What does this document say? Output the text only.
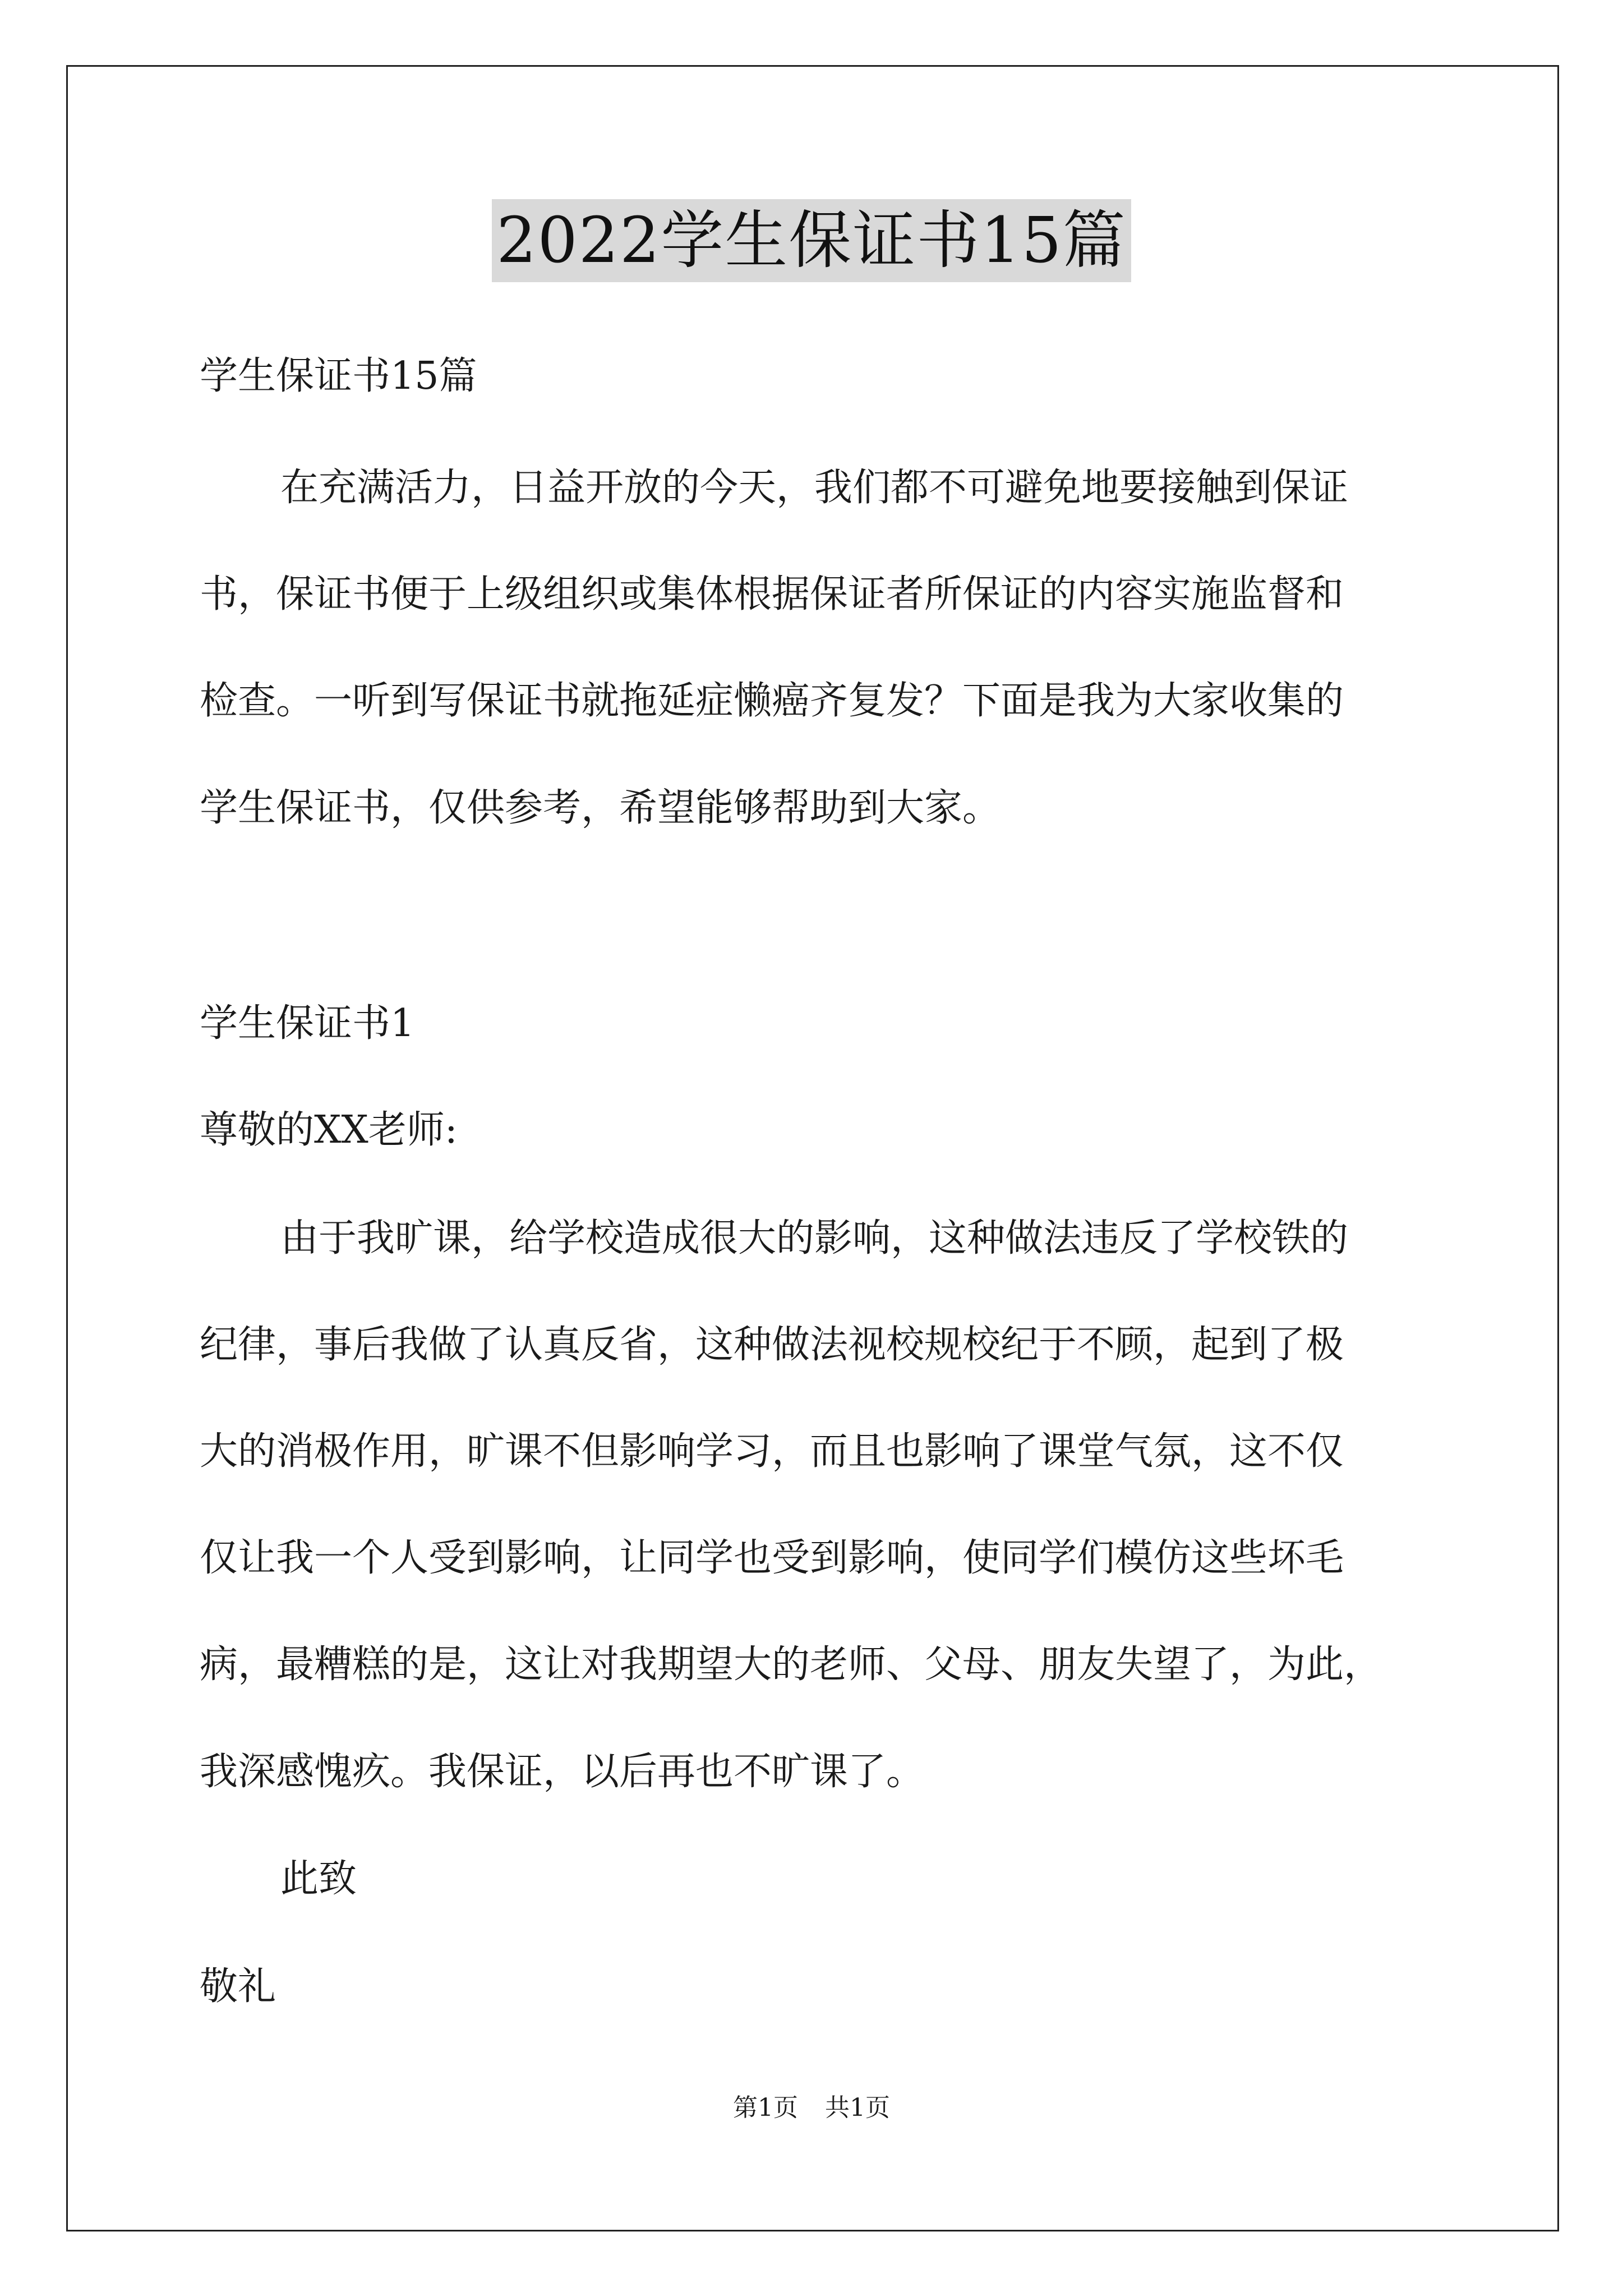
2022学生保证书15篇
学生保证书15篇
在充满活力，日益开放的今天，我们都不可避免地要接触到保证
书，保证书便于上级组织或集体根据保证者所保证的内容实施监督和
检查。一听到写保证书就拖延症懒癌齐复发？下面是我为大家收集的
学生保证书，仅供参考，希望能够帮助到大家。
学生保证书1
尊敬的XX老师:
由于我旷课，给学校造成很大的影响，这种做法违反了学校铁的
纪律，事后我做了认真反省，这种做法视校规校纪于不顾，起到了极
大的消极作用，旷课不但影响学习，而且也影响了课堂气氛，这不仅
仅让我一个人受到影响，让同学也受到影响，使同学们模仿这些坏毛
病，最糟糕的是，这让对我期望大的老师、父母、朋友失望了，为此，
我深感愧疚。我保证，以后再也不旷课了。
此致
敬礼
第1页 共1页
